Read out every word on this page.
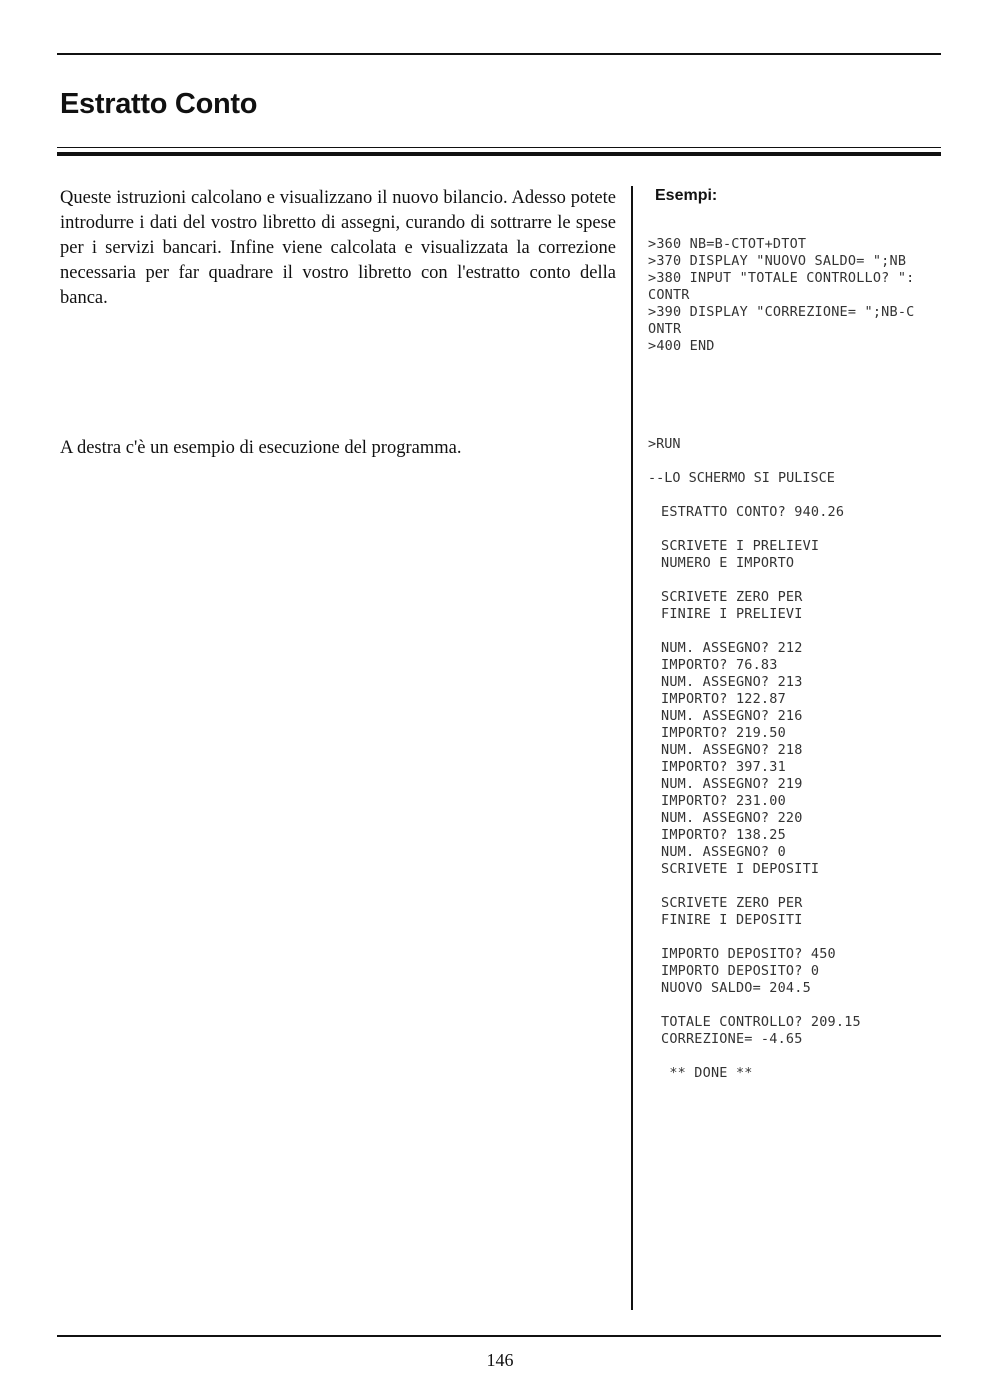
Estratto Conto

Queste istruzioni calcolano e visualizzano il nuovo bilancio. Adesso potete introdurre i dati del vostro libretto di assegni, curando di sottrarre le spese per i servizi bancari. Infine viene calcolata e visualizzata la correzione necessaria per far quadrare il vostro libretto con l'estratto conto della banca.

A destra c'è un esempio di esecuzione del programma.

Esempi:
>360 NB=B-CTOT+DTOT
>370 DISPLAY "NUOVO SALDO= ";NB
>380 INPUT "TOTALE CONTROLLO? ":
CONTR
>390 DISPLAY "CORREZIONE= ";NB-C
ONTR
>400 END
>RUN
--LO SCHERMO SI PULISCE
ESTRATTO CONTO? 940.26

SCRIVETE I PRELIEVI
NUMERO E IMPORTO

SCRIVETE ZERO PER
FINIRE I PRELIEVI

NUM. ASSEGNO? 212
IMPORTO? 76.83
NUM. ASSEGNO? 213
IMPORTO? 122.87
NUM. ASSEGNO? 216
IMPORTO? 219.50
NUM. ASSEGNO? 218
IMPORTO? 397.31
NUM. ASSEGNO? 219
IMPORTO? 231.00
NUM. ASSEGNO? 220
IMPORTO? 138.25
NUM. ASSEGNO? 0
SCRIVETE I DEPOSITI

SCRIVETE ZERO PER
FINIRE I DEPOSITI

IMPORTO DEPOSITO? 450
IMPORTO DEPOSITO? 0
NUOVO SALDO= 204.5

TOTALE CONTROLLO? 209.15
CORREZIONE= -4.65

** DONE **
146
